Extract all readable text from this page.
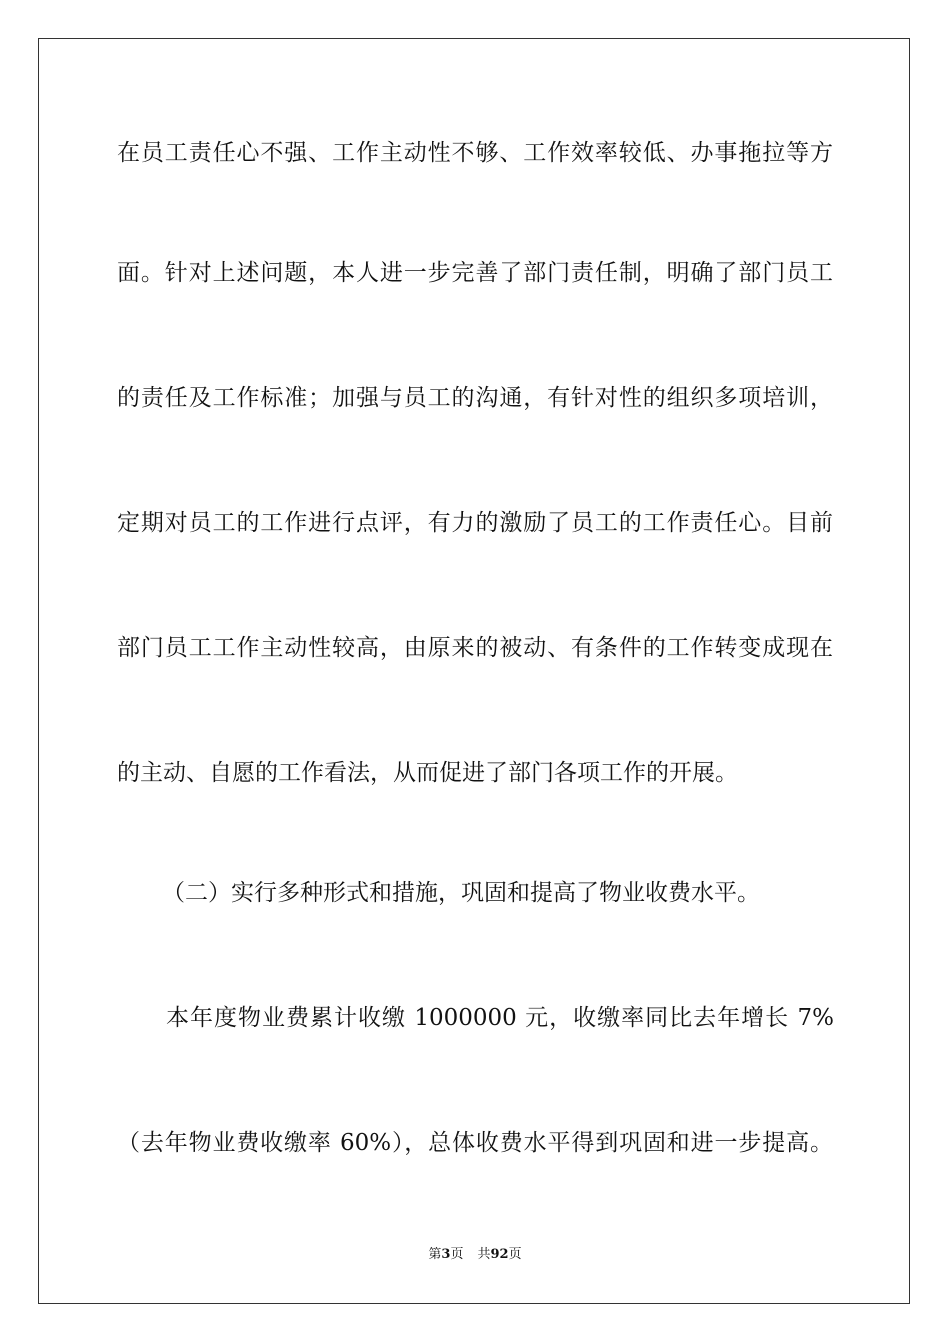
在员工责任心不强、工作主动性不够、工作效率较低、办事拖拉等方
面。针对上述问题，本人进一步完善了部门责任制，明确了部门员工
的责任及工作标准；加强与员工的沟通，有针对性的组织多项培训，
定期对员工的工作进行点评，有力的激励了员工的工作责任心。目前
部门员工工作主动性较高，由原来的被动、有条件的工作转变成现在
的主动、自愿的工作看法，从而促进了部门各项工作的开展。
（二）实行多种形式和措施，巩固和提高了物业收费水平。
本年度物业费累计收缴 1000000 元，收缴率同比去年增长 7%
（去年物业费收缴率 60%），总体收费水平得到巩固和进一步提高。
第3页 共92页
